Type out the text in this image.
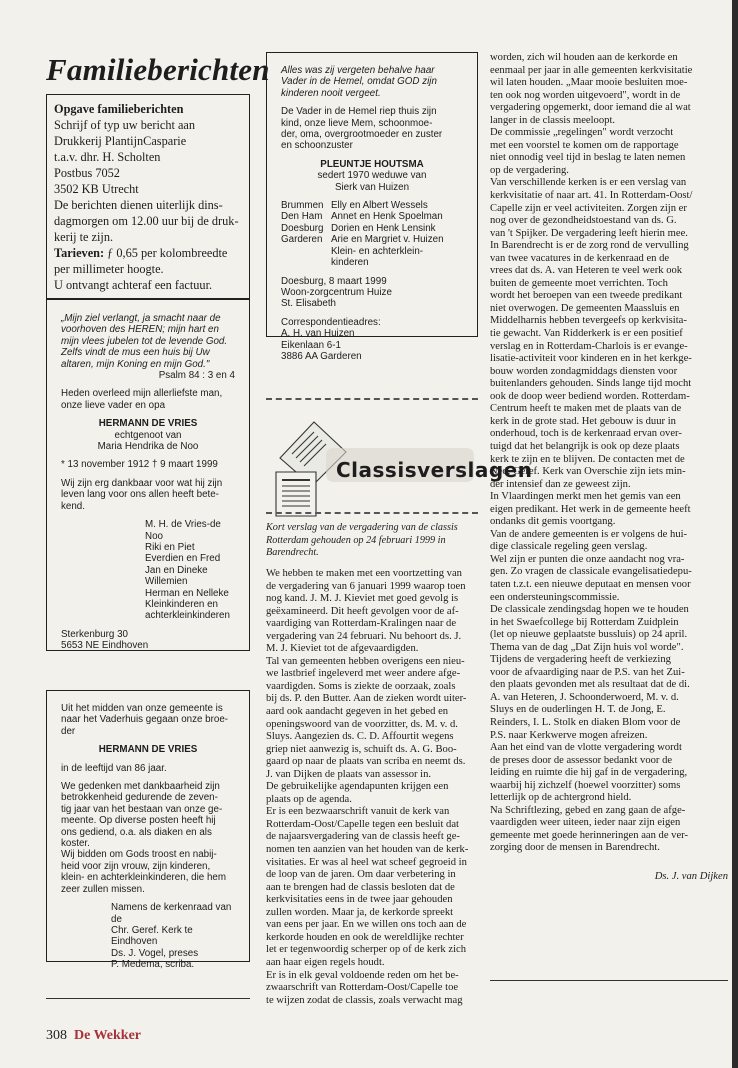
Familieberichten

Opgave familieberichten

Schrijf of typ uw bericht aan

Drukkerij PlantijnCasparie

t.a.v. dhr. H. Scholten

Postbus 7052

3502 KB Utrecht

De berichten dienen uiterlijk dins-

dagmorgen om 12.00 uur bij de druk-

kerij te zijn.

Tarieven: ƒ 0,65 per kolombreedte

per millimeter hoogte.

U ontvangt achteraf een factuur.

„Mijn ziel verlangt, ja smacht naar de

voorhoven des HEREN; mijn hart en

mijn vlees jubelen tot de levende God.

Zelfs vindt de mus een huis bij Uw

altaren, mijn Koning en mijn God."

Psalm 84 : 3 en 4

Heden overleed mijn allerliefste man,

onze lieve vader en opa

HERMANN DE VRIES

echtgenoot van

Maria Hendrika de Noo

* 13 november 1912 † 9 maart 1999

Wij zijn erg dankbaar voor wat hij zijn

leven lang voor ons allen heeft bete-

kend.

M. H. de Vries-de Noo

Riki en Piet

Everdien en Fred

Jan en Dineke

Willemien

Herman en Nelleke

Kleinkinderen en

achterkleinkinderen

Sterkenburg 30

5653 NE Eindhoven

Uit het midden van onze gemeente is

naar het Vaderhuis gegaan onze broe-

der

HERMANN DE VRIES

in de leeftijd van 86 jaar.

We gedenken met dankbaarheid zijn

betrokkenheid gedurende de zeven-

tig jaar van het bestaan van onze ge-

meente. Op diverse posten heeft hij

ons gediend, o.a. als diaken en als

koster.

Wij bidden om Gods troost en nabij-

heid voor zijn vrouw, zijn kinderen,

klein- en achterkleinkinderen, die hem

zeer zullen missen.

Namens de kerkenraad van de

Chr. Geref. Kerk te Eindhoven

Ds. J. Vogel, preses

P. Medema, scriba.

Alles was zij vergeten behalve haar

Vader in de Hemel, omdat GOD zijn

kinderen nooit vergeet.

De Vader in de Hemel riep thuis zijn

kind, onze lieve Mem, schoonmoe-

der, oma, overgrootmoeder en zuster

en schoonzuster

PLEUNTJE HOUTSMA

sedert 1970 weduwe van

Sierk van Huizen

Brummen	Elly en Albert Wessels
Den Ham	Annet en Henk Spoelman
Doesburg	Dorien en Henk Lensink
Garderen	Arie en Margriet v. Huizen
	Klein- en achterklein-
	kinderen

Doesburg, 8 maart 1999

Woon-zorgcentrum Huize

St. Elisabeth

Correspondentieadres:

A. H. van Huizen

Eikenlaan 6-1

3886 AA Garderen

Classisverslagen
Kort verslag van de vergadering van de classis
Rotterdam gehouden op 24 februari 1999 in
Barendrecht.

We hebben te maken met een voortzetting van

de vergadering van 6 januari 1999 waarop toen

nog kand. J. M. J. Kieviet met goed gevolg is

geëxamineerd. Dit heeft gevolgen voor de af-

vaardiging van Rotterdam-Kralingen naar de

vergadering van 24 februari. Nu behoort ds. J.

M. J. Kieviet tot de afgevaardigden.

Tal van gemeenten hebben overigens een nieu-

we lastbrief ingeleverd met weer andere afge-

vaardigden. Soms is ziekte de oorzaak, zoals

bij ds. P. den Butter. Aan de zieken wordt uiter-

aard ook aandacht gegeven in het gebed en

openingswoord van de voorzitter, ds. M. v. d.

Sluys. Aangezien ds. C. D. Affourtit wegens

griep niet aanwezig is, schuift ds. A. G. Boo-

gaard op naar de plaats van scriba en neemt ds.

J. van Dijken de plaats van assessor in.

De gebruikelijke agendapunten krijgen een

plaats op de agenda.

Er is een bezwaarschrift vanuit de kerk van

Rotterdam-Oost/Capelle tegen een besluit dat

de najaarsvergadering van de classis heeft ge-

nomen ten aanzien van het houden van de kerk-

visitaties. Er was al heel wat scheef gegroeid in

de loop van de jaren. Om daar verbetering in

aan te brengen had de classis besloten dat de

kerkvisitaties eens in de twee jaar gehouden

zullen worden. Maar ja, de kerkorde spreekt

van eens per jaar. En we willen ons toch aan de

kerkorde houden en ook de wereldlijke rechter

let er tegenwoordig scherper op of de kerk zich

aan haar eigen regels houdt.

Er is in elk geval voldoende reden om het be-

zwaarschrift van Rotterdam-Oost/Capelle toe

te wijzen zodat de classis, zoals verwacht mag

worden, zich wil houden aan de kerkorde en

eenmaal per jaar in alle gemeenten kerkvisitatie

wil laten houden. „Maar mooie besluiten moe-

ten ook nog worden uitgevoerd", wordt in de

vergadering opgemerkt, door iemand die al wat

langer in de classis meeloopt.

De commissie „regelingen" wordt verzocht

met een voorstel te komen om de rapportage

niet onnodig veel tijd in beslag te laten nemen

op de vergadering.

Van verschillende kerken is er een verslag van

kerkvisitatie of naar art. 41. In Rotterdam-Oost/

Capelle zijn er veel activiteiten. Zorgen zijn er

nog over de gezondheidstoestand van ds. G.

van 't Spijker. De vergadering leeft hierin mee.

In Barendrecht is er de zorg rond de vervulling

van twee vacatures in de kerkenraad en de

vrees dat ds. A. van Heteren te veel werk ook

buiten de gemeente moet verrichten. Toch

wordt het beroepen van een tweede predikant

niet overwogen. De gemeenten Maassluis en

Middelharnis hebben tevergeefs op kerkvisita-

tie gewacht. Van Ridderkerk is er een positief

verslag en in Rotterdam-Charlois is er evange-

lisatie-activiteit voor kinderen en in het kerkge-

bouw worden zondagmiddags diensten voor

buitenlanders gehouden. Sinds lange tijd mocht

ook de doop weer bediend worden. Rotterdam-

Centrum heeft te maken met de plaats van de

kerk in de grote stad. Het gebouw is duur in

onderhoud, toch is de kerkenraad ervan over-

tuigd dat het belangrijk is ook op deze plaats

kerk te zijn en te blijven. De contacten met de

Ned. Geref. Kerk van Overschie zijn iets min-

der intensief dan ze geweest zijn.

In Vlaardingen merkt men het gemis van een

eigen predikant. Het werk in de gemeente heeft

ondanks dit gemis voortgang.

Van de andere gemeenten is er volgens de hui-

dige classicale regeling geen verslag.

Wel zijn er punten die onze aandacht nog vra-

gen. Zo vragen de classicale evangelisatiedepu-

taten t.z.t. een nieuwe deputaat en mensen voor

een ondersteuningscommissie.

De classicale zendingsdag hopen we te houden

in het Swaefcollege bij Rotterdam Zuidplein

(let op nieuwe geplaatste bussluis) op 24 april.

Thema van de dag „Dat Zijn huis vol worde".

Tijdens de vergadering heeft de verkiezing

voor de afvaardiging naar de P.S. van het Zui-

den plaats gevonden met als resultaat dat de di.

A. van Heteren, J. Schoonderwoerd, M. v. d.

Sluys en de ouderlingen H. T. de Jong, E.

Reinders, I. L. Stolk en diaken Blom voor de

P.S. naar Kerkwerve mogen afreizen.

Aan het eind van de vlotte vergadering wordt

de preses door de assessor bedankt voor de

leiding en ruimte die hij gaf in de vergadering,

waarbij hij zichzelf (hoewel voorzitter) soms

letterlijk op de achtergrond hield.

Na Schriftlezing, gebed en zang gaan de afge-

vaardigden weer uiteen, ieder naar zijn eigen

gemeente met goede herinneringen aan de ver-

zorging door de mensen in Barendrecht.

Ds. J. van Dijken

308 De Wekker
